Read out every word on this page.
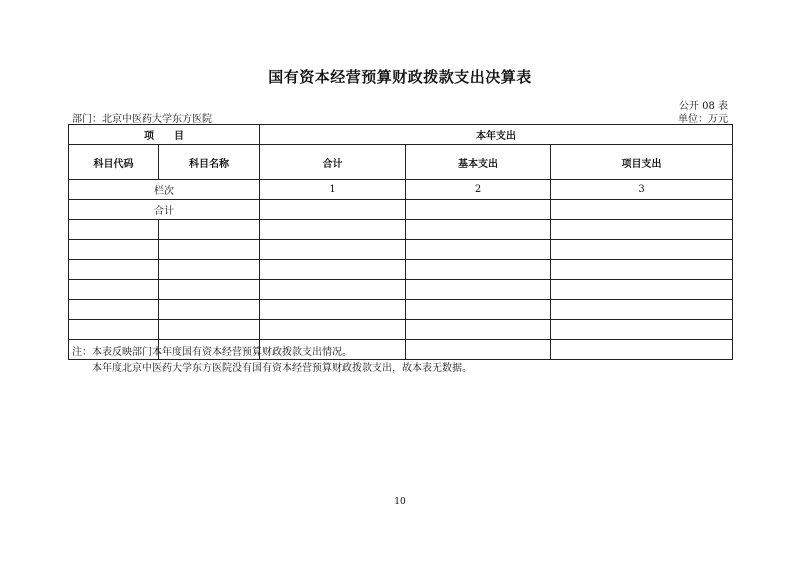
国有资本经营预算财政拨款支出决算表
公开 08 表
部门：北京中医药大学东方医院	单位：万元
项　　目		本年支出		
科目代码	科目名称	合计	基本支出	项目支出
栏次		1	2	3
合计				

注：本表反映部门本年度国有资本经营预算财政拨款支出情况。
本年度北京中医药大学东方医院没有国有资本经营预算财政拨款支出，故本表无数据。
10
